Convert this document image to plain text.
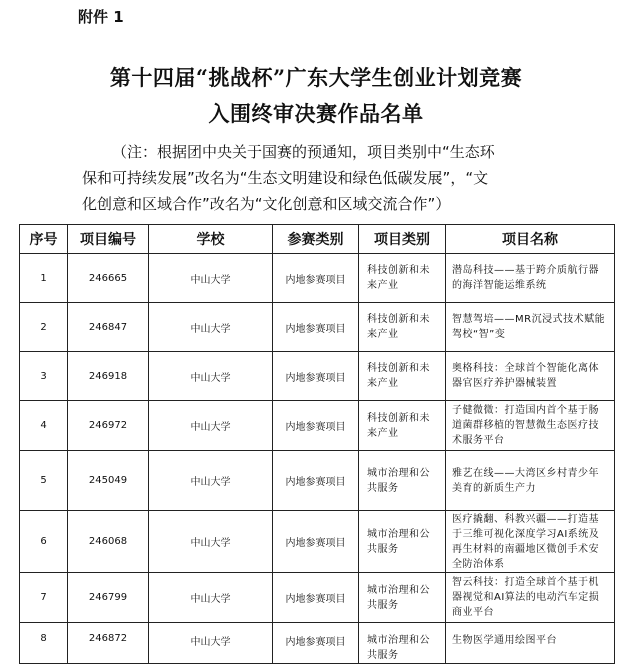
附件 1
第十四届“挑战杯”广东大学生创业计划竞赛
入围终审决赛作品名单
（注：根据团中央关于国赛的预通知，项目类别中“生态环
保和可持续发展”改名为“生态文明建设和绿色低碳发展”，“文
化创意和区域合作”改名为“文化创意和区域交流合作”）
序号	项目编号	学校	参赛类别	项目类别	项目名称
1	246665	中山大学	内地参赛项目	科技创新和未来产业	潜岛科技——基于跨介质航行器的海洋智能运维系统
2	246847	中山大学	内地参赛项目	科技创新和未来产业	智慧驾培——MR沉浸式技术赋能驾校“智”变
3	246918	中山大学	内地参赛项目	科技创新和未来产业	奥格科技：全球首个智能化离体器官医疗养护器械装置
4	246972	中山大学	内地参赛项目	科技创新和未来产业	子健微微：打造国内首个基于肠道菌群移植的智慧微生态医疗技术服务平台
5	245049	中山大学	内地参赛项目	城市治理和公共服务	雅艺在线——大湾区乡村青少年美育的新质生产力
6	246068	中山大学	内地参赛项目	城市治理和公共服务	医疗撬翻、科教兴疆——打造基于三维可视化深度学习AI系统及再生材料的南疆地区微创手术安全防治体系
7	246799	中山大学	内地参赛项目	城市治理和公共服务	智云科技：打造全球首个基于机器视觉和AI算法的电动汽车定损商业平台
8	246872	中山大学	内地参赛项目	城市治理和公共服务	生物医学通用绘图平台
